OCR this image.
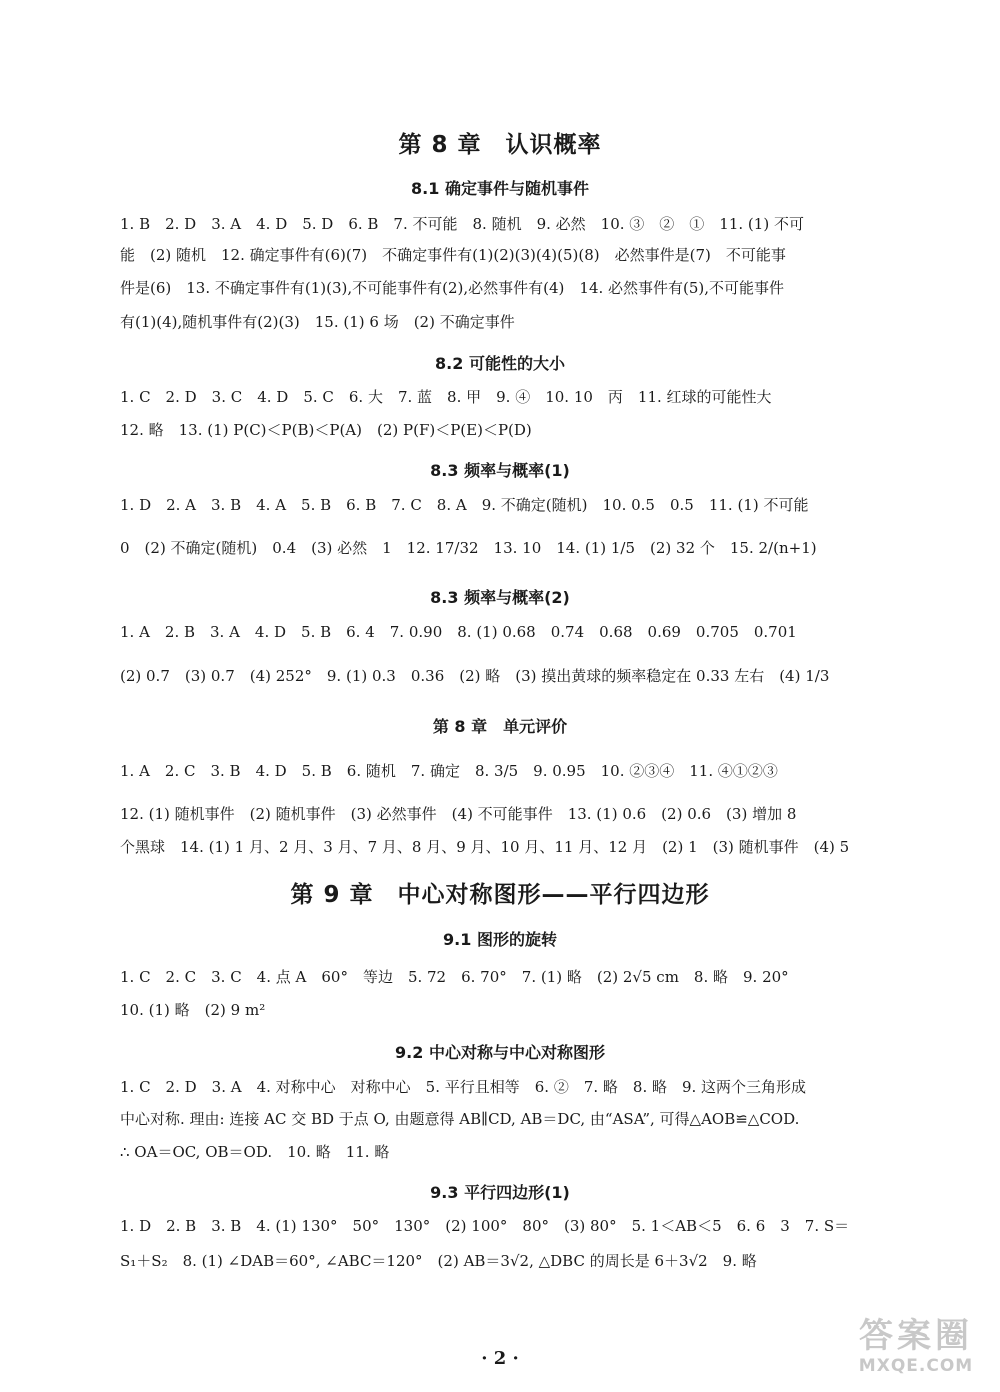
第 8 章　认识概率
8.1 确定事件与随机事件
1. B　2. D　3. A　4. D　5. D　6. B　7. 不可能　8. 随机　9. 必然　10. ③　②　①　11. (1) 不可
能　(2) 随机　12. 确定事件有(6)(7)　不确定事件有(1)(2)(3)(4)(5)(8)　必然事件是(7)　不可能事
件是(6)　13. 不确定事件有(1)(3),不可能事件有(2),必然事件有(4)　14. 必然事件有(5),不可能事件
有(1)(4),随机事件有(2)(3)　15. (1) 6 场　(2) 不确定事件
8.2 可能性的大小
1. C　2. D　3. C　4. D　5. C　6. 大　7. 蓝　8. 甲　9. ④　10. 10　丙　11. 红球的可能性大
12. 略　13. (1) P(C)＜P(B)＜P(A)　(2) P(F)＜P(E)＜P(D)
8.3 频率与概率(1)
1. D　2. A　3. B　4. A　5. B　6. B　7. C　8. A　9. 不确定(随机)　10. 0.5　0.5　11. (1) 不可能
0　(2) 不确定(随机)　0.4　(3) 必然　1　12. 17/32　13. 10　14. (1) 1/5　(2) 32 个　15. 2/(n+1)
8.3 频率与概率(2)
1. A　2. B　3. A　4. D　5. B　6. 4　7. 0.90　8. (1) 0.68　0.74　0.68　0.69　0.705　0.701
(2) 0.7　(3) 0.7　(4) 252°　9. (1) 0.3　0.36　(2) 略　(3) 摸出黄球的频率稳定在 0.33 左右　(4) 1/3
第 8 章　单元评价
1. A　2. C　3. B　4. D　5. B　6. 随机　7. 确定　8. 3/5　9. 0.95　10. ②③④　11. ④①②③
12. (1) 随机事件　(2) 随机事件　(3) 必然事件　(4) 不可能事件　13. (1) 0.6　(2) 0.6　(3) 增加 8
个黑球　14. (1) 1 月、2 月、3 月、7 月、8 月、9 月、10 月、11 月、12 月　(2) 1　(3) 随机事件　(4) 5
第 9 章　中心对称图形——平行四边形
9.1 图形的旋转
1. C　2. C　3. C　4. 点 A　60°　等边　5. 72　6. 70°　7. (1) 略　(2) 2√5 cm　8. 略　9. 20°
10. (1) 略　(2) 9 m²
9.2 中心对称与中心对称图形
1. C　2. D　3. A　4. 对称中心　对称中心　5. 平行且相等　6. ②　7. 略　8. 略　9. 这两个三角形成
中心对称. 理由: 连接 AC 交 BD 于点 O, 由题意得 AB∥CD, AB＝DC, 由“ASA”, 可得△AOB≌△COD.
∴ OA＝OC, OB＝OD.　10. 略　11. 略
9.3 平行四边形(1)
1. D　2. B　3. B　4. (1) 130°　50°　130°　(2) 100°　80°　(3) 80°　5. 1＜AB＜5　6. 6　3　7. S＝
S₁＋S₂　8. (1) ∠DAB＝60°, ∠ABC＝120°　(2) AB＝3√2, △DBC 的周长是 6＋3√2　9. 略
· 2 ·
答案圈
MXQE.COM
